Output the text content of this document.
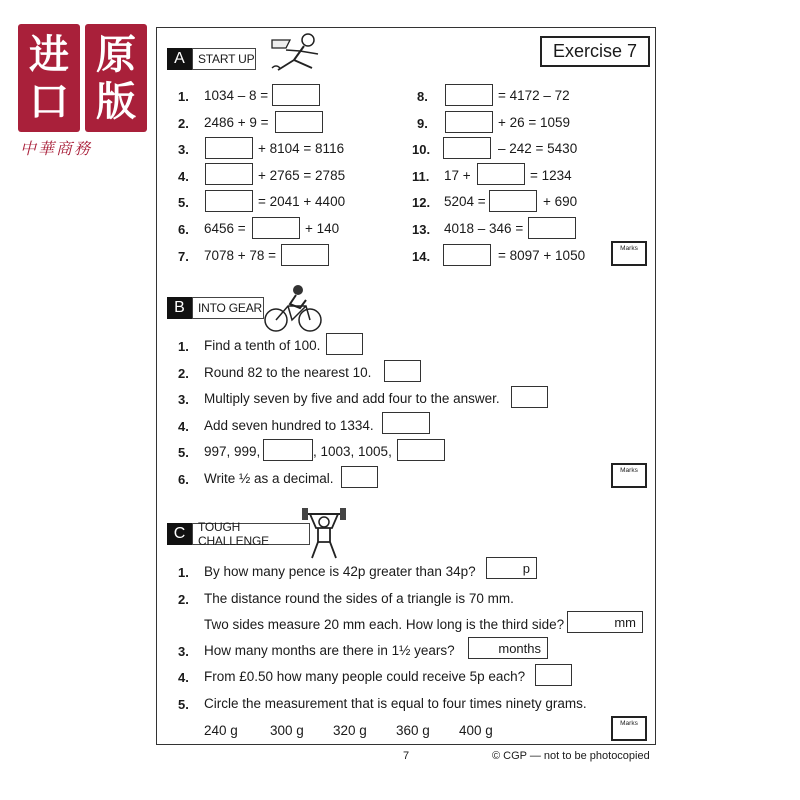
进
口
原
版
中華商務
Exercise 7
A	START UP
1. 1034 – 8 =
2. 2486 + 9 =
3.	+ 8104 = 8116
4.	+ 2765 = 2785
5.	= 2041 + 4400
6. 6456 =	+ 140
7. 7078 + 78 =
8.	= 4172 – 72
9.	+ 26 = 1059
10.	– 242 = 5430
11. 17 +	= 1234
12. 5204 =	+ 690
13. 4018 – 346 =
14.	= 8097 + 1050	Marks
B	INTO GEAR
1. Find a tenth of 100.
2. Round 82 to the nearest 10.
3. Multiply seven by five and add four to the answer.
4. Add seven hundred to 1334.
5. 997, 999,	, 1003, 1005,
6. Write ½ as a decimal.
Marks
C	TOUGH CHALLENGE
1. By how many pence is 42p greater than 34p?	p
2. The distance round the sides of a triangle is 70 mm.
Two sides measure 20 mm each. How long is the third side?	mm
3. How many months are there in 1½ years?	months
4. From £0.50 how many people could receive 5p each?
5. Circle the measurement that is equal to four times ninety grams.
240 g 300 g 320 g 360 g 400 g	Marks
7	© CGP — not to be photocopied
